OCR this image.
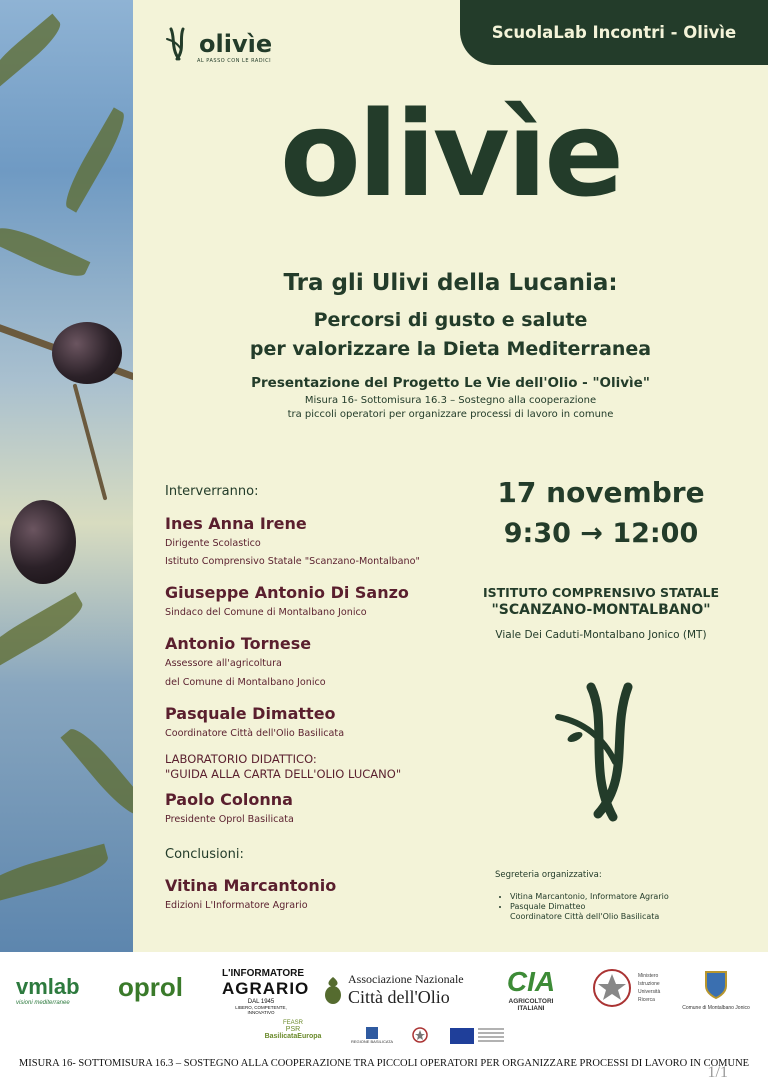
ScuolaLab Incontri - Olivìe
olivìe
AL PASSO CON LE RADICI
olivìe
Tra gli Ulivi della Lucania:
Percorsi di gusto e salute
per valorizzare la Dieta Mediterranea
Presentazione del Progetto Le Vie dell'Olio - "Olivìe"
Misura 16- Sottomisura 16.3 – Sostegno alla cooperazione
tra piccoli operatori per organizzare processi di lavoro in comune
Interverranno:
Ines Anna Irene
Dirigente Scolastico
Istituto Comprensivo Statale "Scanzano-Montalbano"
Giuseppe Antonio Di Sanzo
Sindaco del Comune di Montalbano Jonico
Antonio Tornese
Assessore all'agricoltura
del Comune di Montalbano Jonico
Pasquale Dimatteo
Coordinatore Città dell'Olio Basilicata
LABORATORIO DIDATTICO:
"GUIDA ALLA CARTA DELL'OLIO LUCANO"
Paolo Colonna
Presidente Oprol Basilicata
Conclusioni:
Vitina Marcantonio
Edizioni L'Informatore Agrario
17 novembre
9:30 → 12:00
ISTITUTO COMPRENSIVO STATALE
"SCANZANO-MONTALBANO"
Viale Dei Caduti-Montalbano Jonico (MT)
Segreteria organizzativa:
• Vitina Marcantonio, Informatore Agrario
• Pasquale Dimatteo
Coordinatore Città dell'Olio Basilicata
vmlab
visioni mediterranee
oprol	L'INFORMATORE
AGRARIO
DAL 1945
LIBERO, COMPETENTE, INNOVATIVO
Associazione Nazionale
Città dell'Olio	CIA
AGRICOLTORI ITALIANI
Ministero
Istruzione
Università
Ricerca
Comune di Montalbano Jonico
FEASR
PSR
BasilicataEuropa
REGIONE BASILICATA
MISURA 16- SOTTOMISURA 16.3 – SOSTEGNO ALLA COOPERAZIONE TRA PICCOLI OPERATORI PER ORGANIZZARE PROCESSI DI LAVORO IN COMUNE
1/1
